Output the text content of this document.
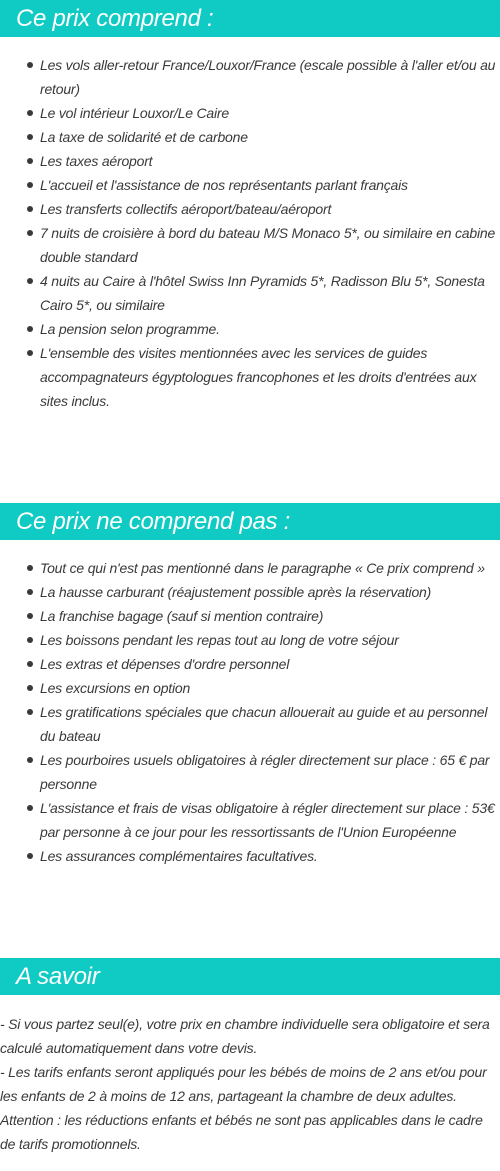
Ce prix comprend :
Les vols aller-retour France/Louxor/France (escale possible à l'aller et/ou au retour)
Le vol intérieur Louxor/Le Caire
La taxe de solidarité et de carbone
Les taxes aéroport
L'accueil et l'assistance de nos représentants parlant français
Les transferts collectifs aéroport/bateau/aéroport
7 nuits de croisière à bord du bateau M/S Monaco 5*, ou similaire en cabine double standard
4 nuits au Caire à l'hôtel Swiss Inn Pyramids 5*, Radisson Blu 5*, Sonesta Cairo 5*, ou similaire
La pension selon programme.
L'ensemble des visites mentionnées avec les services de guides accompagnateurs égyptologues francophones et les droits d'entrées aux sites inclus.
Ce prix ne comprend pas :
Tout ce qui n'est pas mentionné dans le paragraphe « Ce prix comprend »
La hausse carburant (réajustement possible après la réservation)
La franchise bagage (sauf si mention contraire)
Les boissons pendant les repas tout au long de votre séjour
Les extras et dépenses d'ordre personnel
Les excursions en option
Les gratifications spéciales que chacun allouerait au guide et au personnel du bateau
Les pourboires usuels obligatoires à régler directement sur place : 65 € par personne
L'assistance et frais de visas obligatoire à régler directement sur place : 53€ par personne à ce jour pour les ressortissants de l'Union Européenne
Les assurances complémentaires facultatives.
A savoir

- Si vous partez seul(e), votre prix en chambre individuelle sera obligatoire et sera calculé automatiquement dans votre devis.

- Les tarifs enfants seront appliqués pour les bébés de moins de 2 ans et/ou pour les enfants de 2 à moins de 12 ans, partageant la chambre de deux adultes.

Attention : les réductions enfants et bébés ne sont pas applicables dans le cadre de tarifs promotionnels.
